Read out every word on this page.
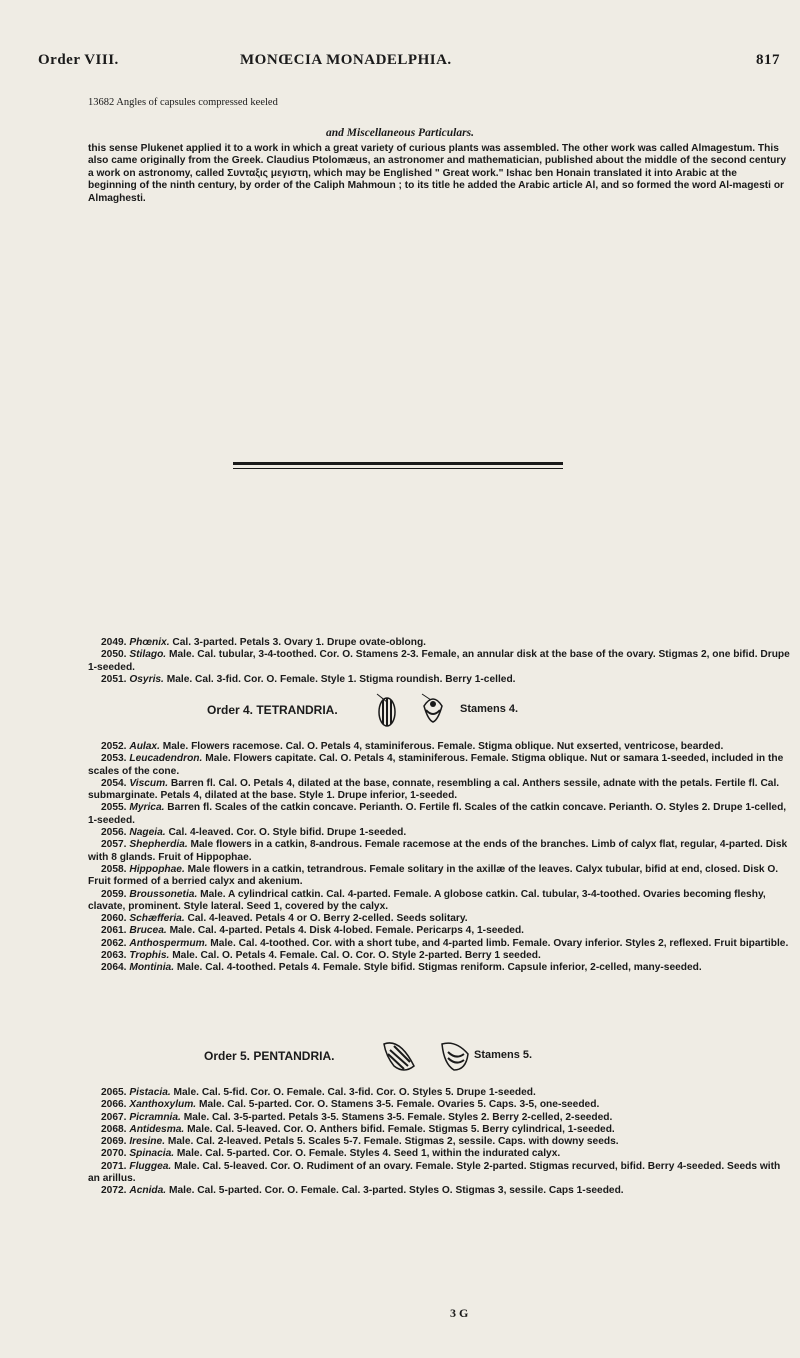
Order VIII.	MONŒCIA MONADELPHIA.	817
13682 Angles of capsules compressed keeled
and Miscellaneous Particulars.

this sense Plukenet applied it to a work in which a great variety of curious plants was assembled. The other work was called Almagestum. This also came originally from the Greek. Claudius Ptolomæus, an astronomer and mathematician, published about the middle of the second century a work on astronomy, called Συνταξις μεγιστη, which may be Englished " Great work." Ishac ben Honain translated it into Arabic at the beginning of the ninth century, by order of the Caliph Mahmoun ; to its title he added the Arabic article Al, and so formed the word Al-magesti or Almaghesti.

2049. Phœnix. Cal. 3-parted. Petals 3. Ovary 1. Drupe ovate-oblong.

2050. Stilago. Male. Cal. tubular, 3-4-toothed. Cor. O. Stamens 2-3. Female, an annular disk at the base of the ovary. Stigmas 2, one bifid. Drupe 1-seeded.

2051. Osyris. Male. Cal. 3-fid. Cor. O. Female. Style 1. Stigma roundish. Berry 1-celled.

Order 4. TETRANDRIA.	Stamens 4.

2052. Aulax. Male. Flowers racemose. Cal. O. Petals 4, staminiferous. Female. Stigma oblique. Nut exserted, ventricose, bearded.

2053. Leucadendron. Male. Flowers capitate. Cal. O. Petals 4, staminiferous. Female. Stigma oblique. Nut or samara 1-seeded, included in the scales of the cone.

2054. Viscum. Barren fl. Cal. O. Petals 4, dilated at the base, connate, resembling a cal. Anthers sessile, adnate with the petals. Fertile fl. Cal. submarginate. Petals 4, dilated at the base. Style 1. Drupe inferior, 1-seeded.

2055. Myrica. Barren fl. Scales of the catkin concave. Perianth. O. Fertile fl. Scales of the catkin concave. Perianth. O. Styles 2. Drupe 1-celled, 1-seeded.

2056. Nageia. Cal. 4-leaved. Cor. O. Style bifid. Drupe 1-seeded.

2057. Shepherdia. Male flowers in a catkin, 8-androus. Female racemose at the ends of the branches. Limb of calyx flat, regular, 4-parted. Disk with 8 glands. Fruit of Hippophae.

2058. Hippophae. Male flowers in a catkin, tetrandrous. Female solitary in the axillæ of the leaves. Calyx tubular, bifid at end, closed. Disk O. Fruit formed of a berried calyx and akenium.

2059. Broussonetia. Male. A cylindrical catkin. Cal. 4-parted. Female. A globose catkin. Cal. tubular, 3-4-toothed. Ovaries becoming fleshy, clavate, prominent. Style lateral. Seed 1, covered by the calyx.

2060. Schæfferia. Cal. 4-leaved. Petals 4 or O. Berry 2-celled. Seeds solitary.

2061. Brucea. Male. Cal. 4-parted. Petals 4. Disk 4-lobed. Female. Pericarps 4, 1-seeded.

2062. Anthospermum. Male. Cal. 4-toothed. Cor. with a short tube, and 4-parted limb. Female. Ovary inferior. Styles 2, reflexed. Fruit bipartible.

2063. Trophis. Male. Cal. O. Petals 4. Female. Cal. O. Cor. O. Style 2-parted. Berry 1 seeded.

2064. Montinia. Male. Cal. 4-toothed. Petals 4. Female. Style bifid. Stigmas reniform. Capsule inferior, 2-celled, many-seeded.

Order 5. PENTANDRIA.	Stamens 5.

2065. Pistacia. Male. Cal. 5-fid. Cor. O. Female. Cal. 3-fid. Cor. O. Styles 5. Drupe 1-seeded.

2066. Xanthoxylum. Male. Cal. 5-parted. Cor. O. Stamens 3-5. Female. Ovaries 5. Caps. 3-5, one-seeded.

2067. Picramnia. Male. Cal. 3-5-parted. Petals 3-5. Stamens 3-5. Female. Styles 2. Berry 2-celled, 2-seeded.

2068. Antidesma. Male. Cal. 5-leaved. Cor. O. Anthers bifid. Female. Stigmas 5. Berry cylindrical, 1-seeded.

2069. Iresine. Male. Cal. 2-leaved. Petals 5. Scales 5-7. Female. Stigmas 2, sessile. Caps. with downy seeds.

2070. Spinacia. Male. Cal. 5-parted. Cor. O. Female. Styles 4. Seed 1, within the indurated calyx.

2071. Fluggea. Male. Cal. 5-leaved. Cor. O. Rudiment of an ovary. Female. Style 2-parted. Stigmas recurved, bifid. Berry 4-seeded. Seeds with an arillus.

2072. Acnida. Male. Cal. 5-parted. Cor. O. Female. Cal. 3-parted. Styles O. Stigmas 3, sessile. Caps 1-seeded.

3 G
